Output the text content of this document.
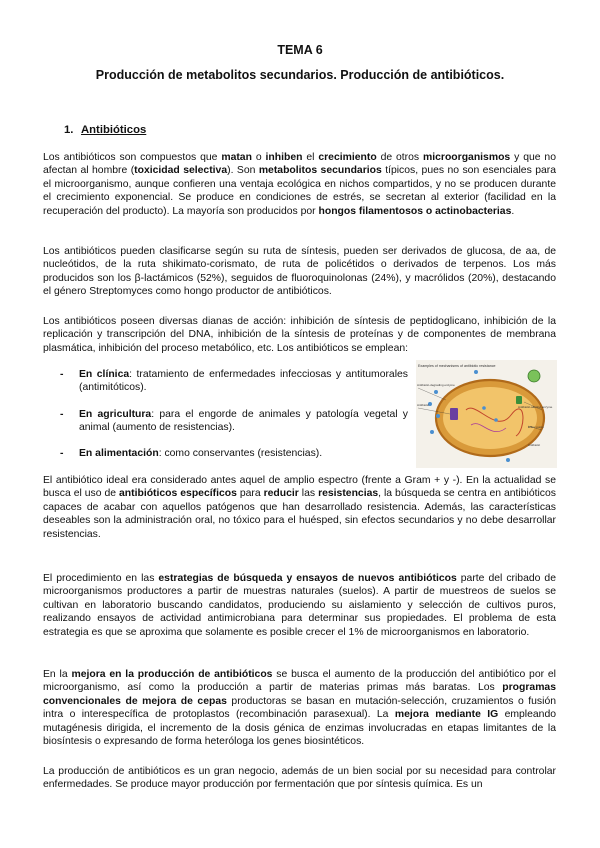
TEMA 6
Producción de metabolitos secundarios. Producción de antibióticos.
1. Antibióticos

Los antibióticos son compuestos que matan o inhiben el crecimiento de otros microorganismos y que no afectan al hombre (toxicidad selectiva). Son metabolitos secundarios típicos, pues no son esenciales para el microorganismo, aunque confieren una ventaja ecológica en nichos compartidos, y no se producen durante el crecimiento exponencial. Se produce en condiciones de estrés, se secretan al exterior (facilidad en la recuperación del producto). La mayoría son producidos por hongos filamentosos o actinobacterias.

Los antibióticos pueden clasificarse según su ruta de síntesis, pueden ser derivados de glucosa, de aa, de nucleótidos, de la ruta shikimato-corismato, de ruta de policétidos o derivados de terpenos. Los más producidos son los β-lactámicos (52%), seguidos de fluoroquinolonas (24%), y macrólidos (20%), destacando el género Streptomyces como hongo productor de antibióticos.

Los antibióticos poseen diversas dianas de acción: inhibición de síntesis de peptidoglicano, inhibición de la replicación y transcripción del DNA, inhibición de la síntesis de proteínas y de componentes de membrana plasmática, inhibición del proceso metabólico, etc. Los antibióticos se emplean:

- En clínica: tratamiento de enfermedades infecciosas y antitumorales (antimitóticos).
- En agricultura: para el engorde de animales y patología vegetal y animal (aumento de resistencias).
- En alimentación: como conservantes (resistencias).
Examples of mechanisms of antibiotic resistance
Antibiotic-degrading enzyme
Antibiotic	Antibiotic-altering enzyme
Efflux pump
Antibiotic

El antibiótico ideal era considerado antes aquel de amplio espectro (frente a Gram + y -). En la actualidad se busca el uso de antibióticos específicos para reducir las resistencias, la búsqueda se centra en antibióticos capaces de acabar con aquellos patógenos que han desarrollado resistencia. Además, las características deseables son la administración oral, no tóxico para el huésped, sin efectos secundarios y no debe desarrollar resistencias.

El procedimiento en las estrategias de búsqueda y ensayos de nuevos antibióticos parte del cribado de microorganismos productores a partir de muestras naturales (suelos). A partir de muestreos de suelos se cultivan en laboratorio buscando candidatos, produciendo su aislamiento y selección de cultivos puros, realizando ensayos de actividad antimicrobiana para determinar sus propiedades. El problema de esta estrategia es que se aproxima que solamente es posible crecer el 1% de microorganismos en laboratorio.

En la mejora en la producción de antibióticos se busca el aumento de la producción del antibiótico por el microorganismo, así como la producción a partir de materias primas más baratas. Los programas convencionales de mejora de cepas productoras se basan en mutación-selección, cruzamientos o fusión intra o interespecífica de protoplastos (recombinación parasexual). La mejora mediante IG empleando mutagénesis dirigida, el incremento de la dosis génica de enzimas involucradas en etapas limitantes de la biosíntesis o expresando de forma heteróloga los genes biosintéticos.

La producción de antibióticos es un gran negocio, además de un bien social por su necesidad para controlar enfermedades. Se produce mayor producción por fermentación que por síntesis química. Es un
